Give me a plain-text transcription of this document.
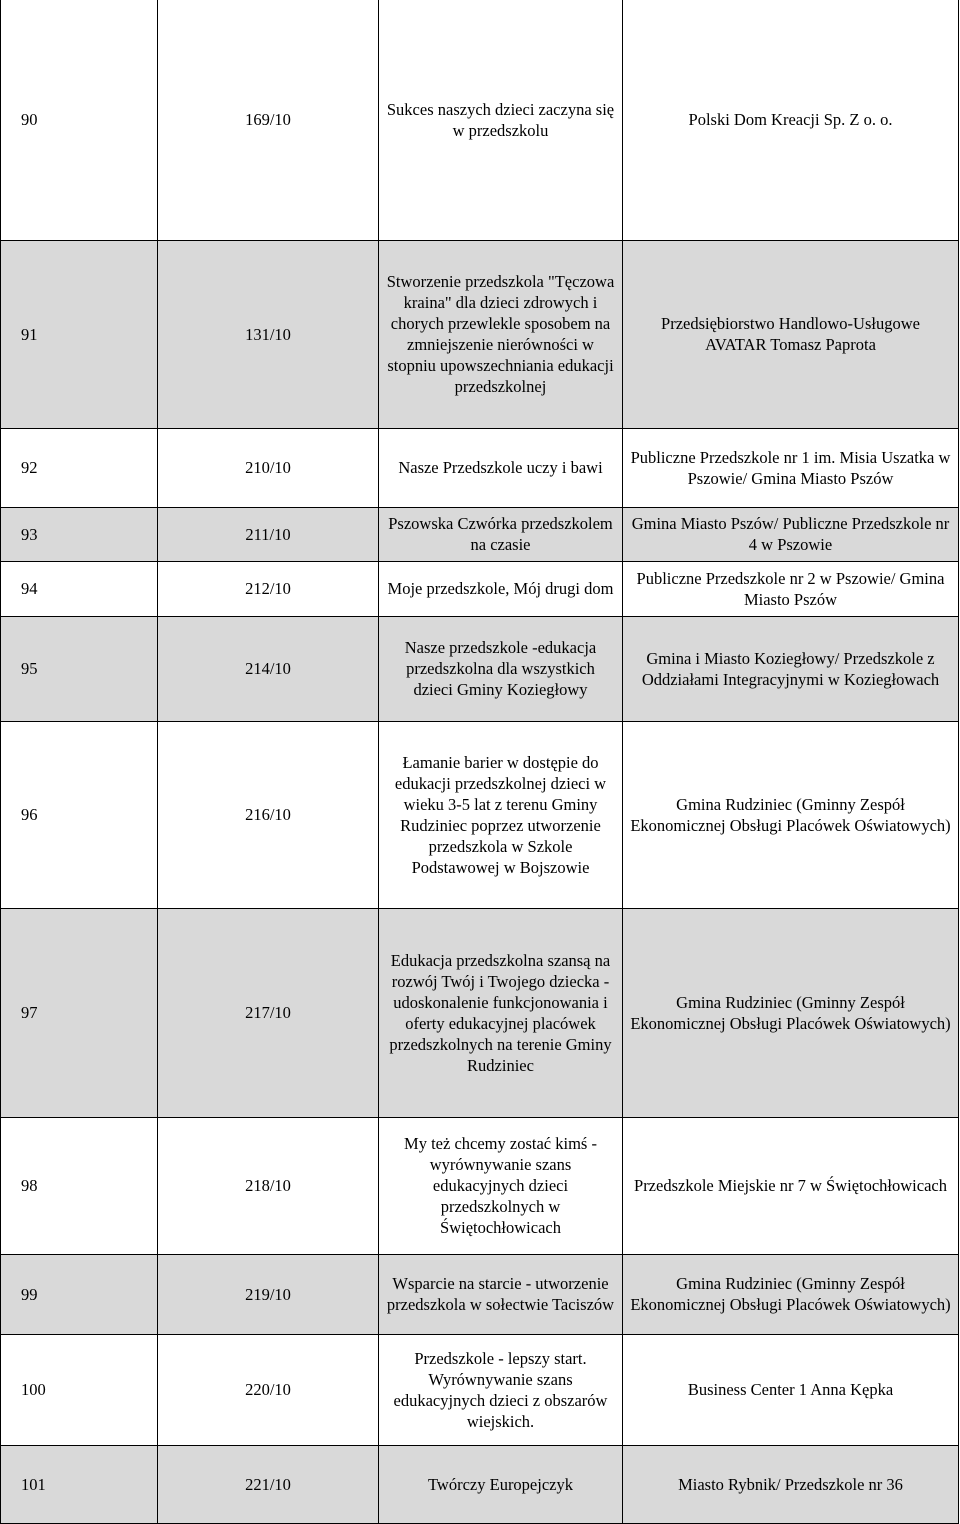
90	169/10	Sukces naszych dzieci zaczyna się w przedszkolu	Polski Dom Kreacji Sp. Z o. o.

91	131/10	Stworzenie przedszkola "Tęczowa kraina" dla dzieci zdrowych i chorych przewlekle sposobem na zmniejszenie nierówności w stopniu upowszechniania edukacji przedszkolnej	Przedsiębiorstwo Handlowo-Usługowe AVATAR Tomasz Paprota

92	210/10	Nasze Przedszkole uczy i bawi	Publiczne Przedszkole nr 1 im. Misia Uszatka w Pszowie/ Gmina Miasto Pszów

93	211/10	Pszowska Czwórka przedszkolem na czasie	Gmina Miasto Pszów/ Publiczne Przedszkole nr 4 w Pszowie

94	212/10	Moje przedszkole, Mój drugi dom	Publiczne Przedszkole nr 2 w Pszowie/ Gmina Miasto Pszów

95	214/10	Nasze przedszkole -edukacja przedszkolna dla wszystkich dzieci Gminy Koziegłowy	Gmina i Miasto Koziegłowy/ Przedszkole z Oddziałami Integracyjnymi w Koziegłowach

96	216/10	Łamanie barier w dostępie do edukacji przedszkolnej dzieci w wieku 3-5 lat z terenu Gminy Rudziniec poprzez utworzenie przedszkola w Szkole Podstawowej w Bojszowie	Gmina Rudziniec (Gminny Zespół Ekonomicznej Obsługi Placówek Oświatowych)

97	217/10	Edukacja przedszkolna szansą na rozwój Twój i Twojego dziecka - udoskonalenie funkcjonowania i oferty edukacyjnej placówek przedszkolnych na terenie Gminy Rudziniec	Gmina Rudziniec (Gminny Zespół Ekonomicznej Obsługi Placówek Oświatowych)

98	218/10	My też chcemy zostać kimś - wyrównywanie szans edukacyjnych dzieci przedszkolnych w Świętochłowicach	Przedszkole Miejskie nr 7 w Świętochłowicach

99	219/10	Wsparcie na starcie - utworzenie przedszkola w sołectwie Taciszów	Gmina Rudziniec (Gminny Zespół Ekonomicznej Obsługi Placówek Oświatowych)

100	220/10	Przedszkole - lepszy start. Wyrównywanie szans edukacyjnych dzieci z obszarów wiejskich.	Business Center 1 Anna Kępka

101	221/10	Twórczy Europejczyk	Miasto Rybnik/ Przedszkole nr 36
